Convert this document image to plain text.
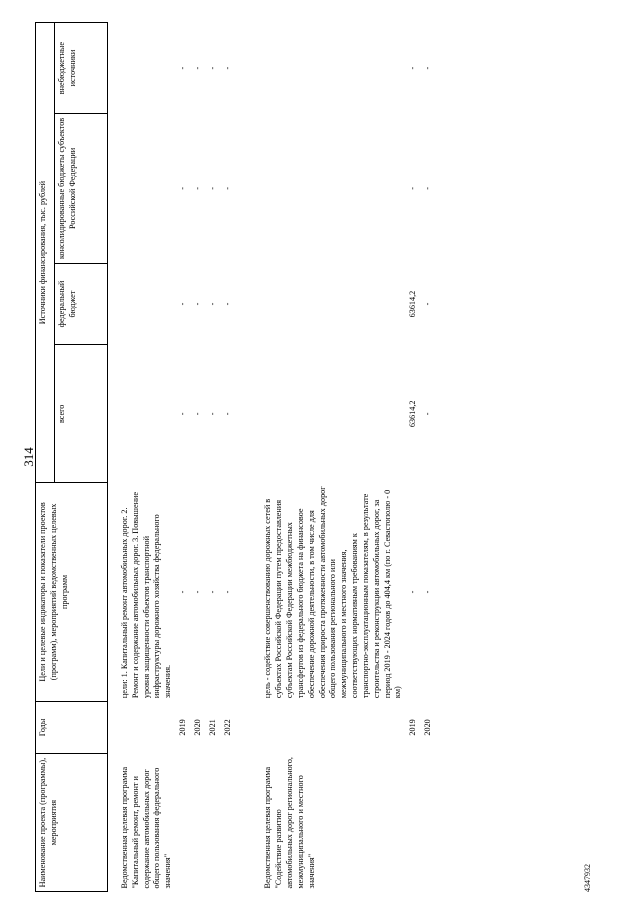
314
Наименование проекта (программы), мероприятия	Годы	Цели и целевые индикаторы и показатели проектов (программ), мероприятий ведомственных целевых программ	Источники финансирования, тыс. рублей			
			всего	федеральный бюджет	консолидированные бюджеты субъектов Российской Федерации	внебюджетные источники

Ведомственная целевая программа "Капитальный ремонт, ремонт и содержание автомобильных дорог общего пользования федерального значения"		цели: 1. Капитальный ремонт автомобильных дорог. 2. Ремонт и содержание автомобильных дорог. 3. Повышение уровня защищенности объектов транспортной инфраструктуры дорожного хозяйства федерального значения.				
	2019	-	-	-	-	-
	2020	-	-	-	-	-
	2021	-	-	-	-	-
	2022	-	-	-	-	-

Ведомственная целевая программа "Содействие развитию автомобильных дорог регионального, межмуниципального и местного значения"		цель - содействие совершенствованию дорожных сетей в субъектах Российской Федерации путем предоставления субъектам Российской Федерации межбюджетных трансфертов из федерального бюджета на финансовое обеспечение дорожной деятельности, в том числе для обеспечения прироста протяженности автомобильных дорог общего пользования регионального или межмуниципального и местного значения, соответствующих нормативным требованиям к транспортно-эксплуатационным показателям, в результате строительства и реконструкции автомобильных дорог, за период 2019 - 2024 годов до 404,4 км (по г. Севастополю - 0 км)				
	2019	-	63614,2	63614,2	-	-
	2020	-	-	-	-	-
4347932
